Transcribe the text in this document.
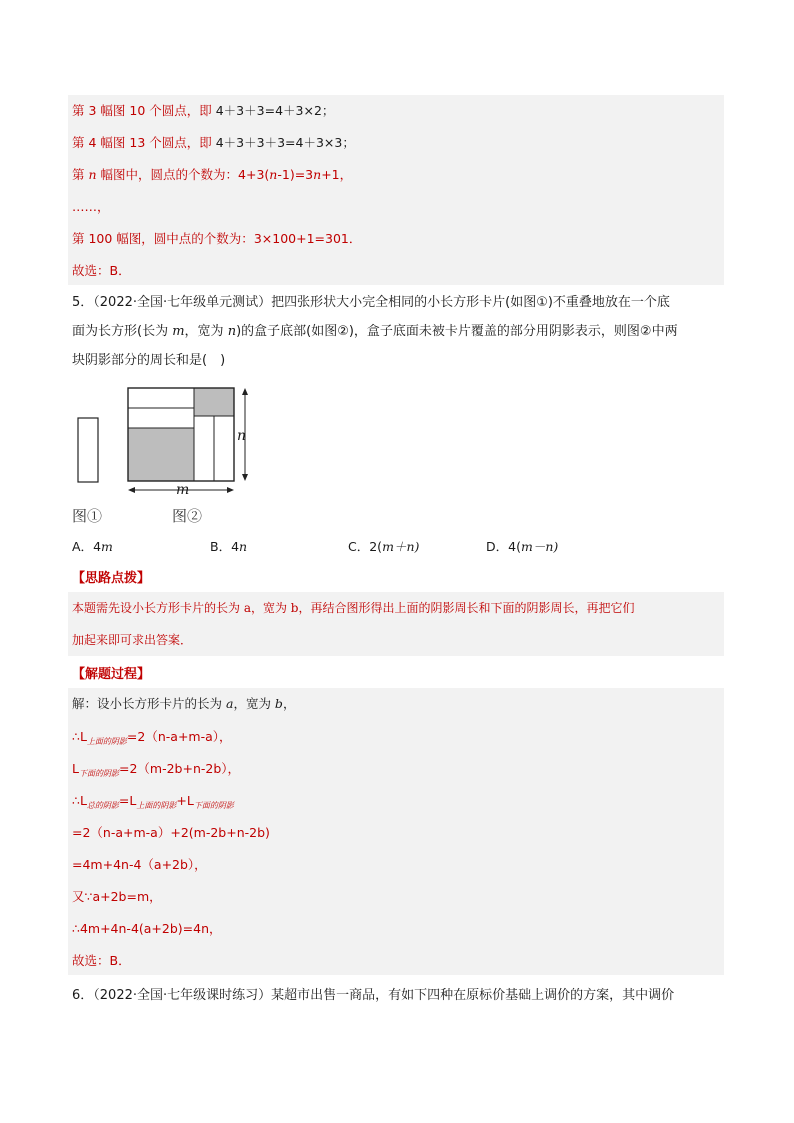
第 3 幅图 10 个圆点，即 4＋3＋3=4＋3×2；
第 4 幅图 13 个圆点，即 4＋3＋3＋3=4＋3×3；
第 n 幅图中，圆点的个数为：4+3(n-1)=3n+1，
……，
第 100 幅图，圆中点的个数为：3×100+1=301．
故选：B．
5．（2022·全国·七年级单元测试）把四张形状大小完全相同的小长方形卡片(如图①)不重叠地放在一个底
面为长方形(长为 m，宽为 n)的盒子底部(如图②)，盒子底面未被卡片覆盖的部分用阴影表示，则图②中两
块阴影部分的周长和是(　)
n
m
图①	图②
A．4m	B．4n	C．2(m＋n)	D．4(m－n)
【思路点拨】
本题需先设小长方形卡片的长为 a，宽为 b，再结合图形得出上面的阴影周长和下面的阴影周长，再把它们
加起来即可求出答案．
【解题过程】
解：设小长方形卡片的长为 a，宽为 b，
$\therefore L_{上面的阴影}=2(n-a+m-a)$，
$L_{下面的阴影}=2(m-2b+n-2b)$，
$\therefore L_{总的阴影}=L_{上面的阴影}+L_{下面的阴影}$
=2（n-a+m-a）+2(m-2b+n-2b)
=4m+4n-4（a+2b），
又∵a+2b=m，
∴4m+4n-4(a+2b)=4n，
故选：B．
6．（2022·全国·七年级课时练习）某超市出售一商品，有如下四种在原标价基础上调价的方案，其中调价
